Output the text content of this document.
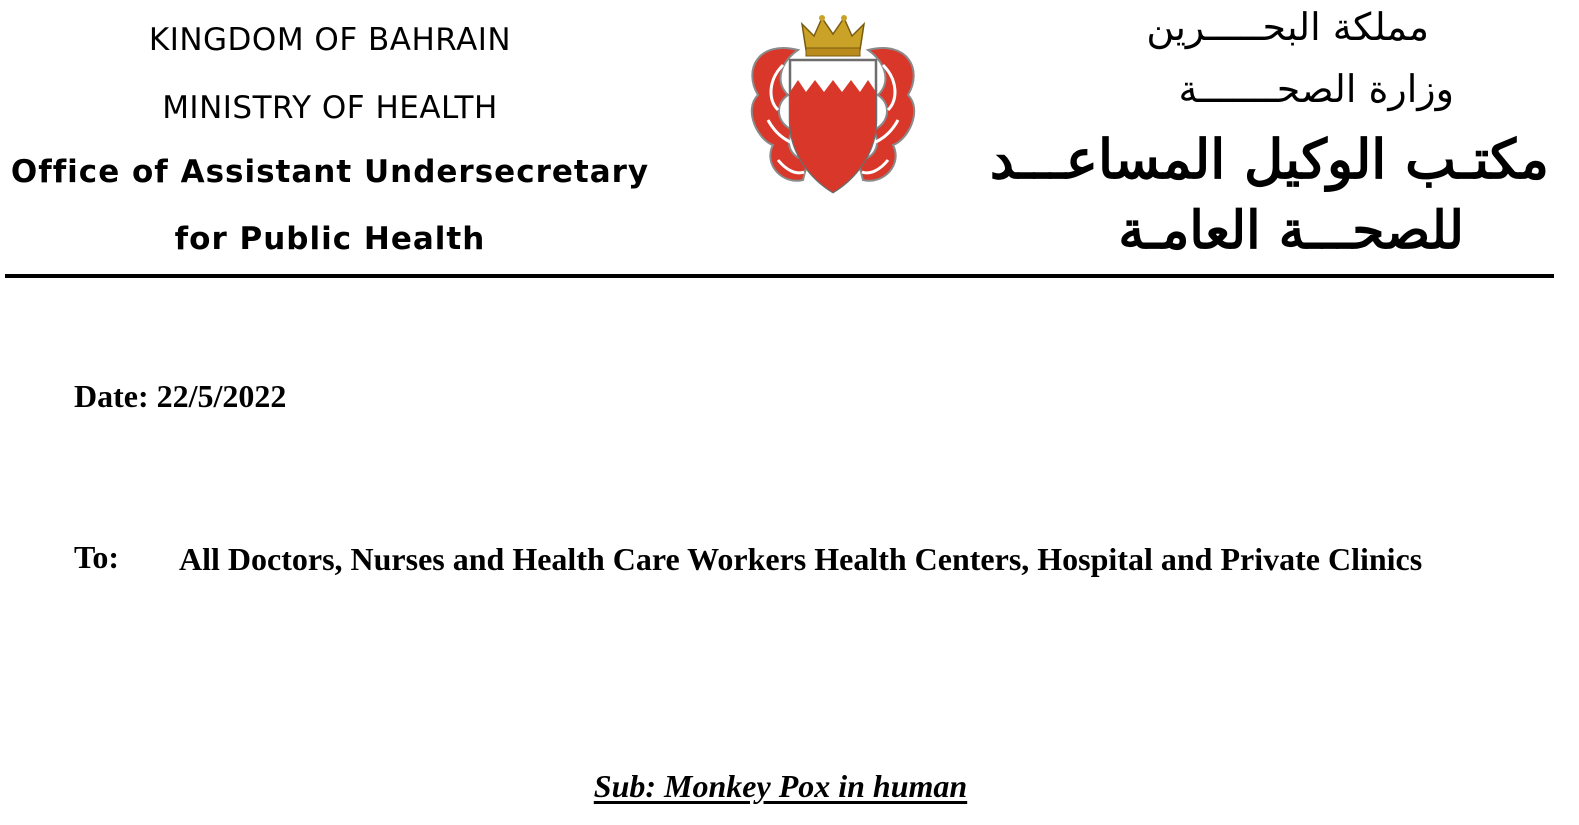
KINGDOM OF BAHRAIN
MINISTRY OF HEALTH
Office of Assistant Undersecretary
for Public Health
مملكة البحـــــرين
وزارة الصحـــــــة
مكتـب الوكيل المساعـــد
للصحـــة العامـة
Date: 22/5/2022
To: All Doctors, Nurses and Health Care Workers Health Centers, Hospital and Private Clinics
Sub: Monkey Pox in human
